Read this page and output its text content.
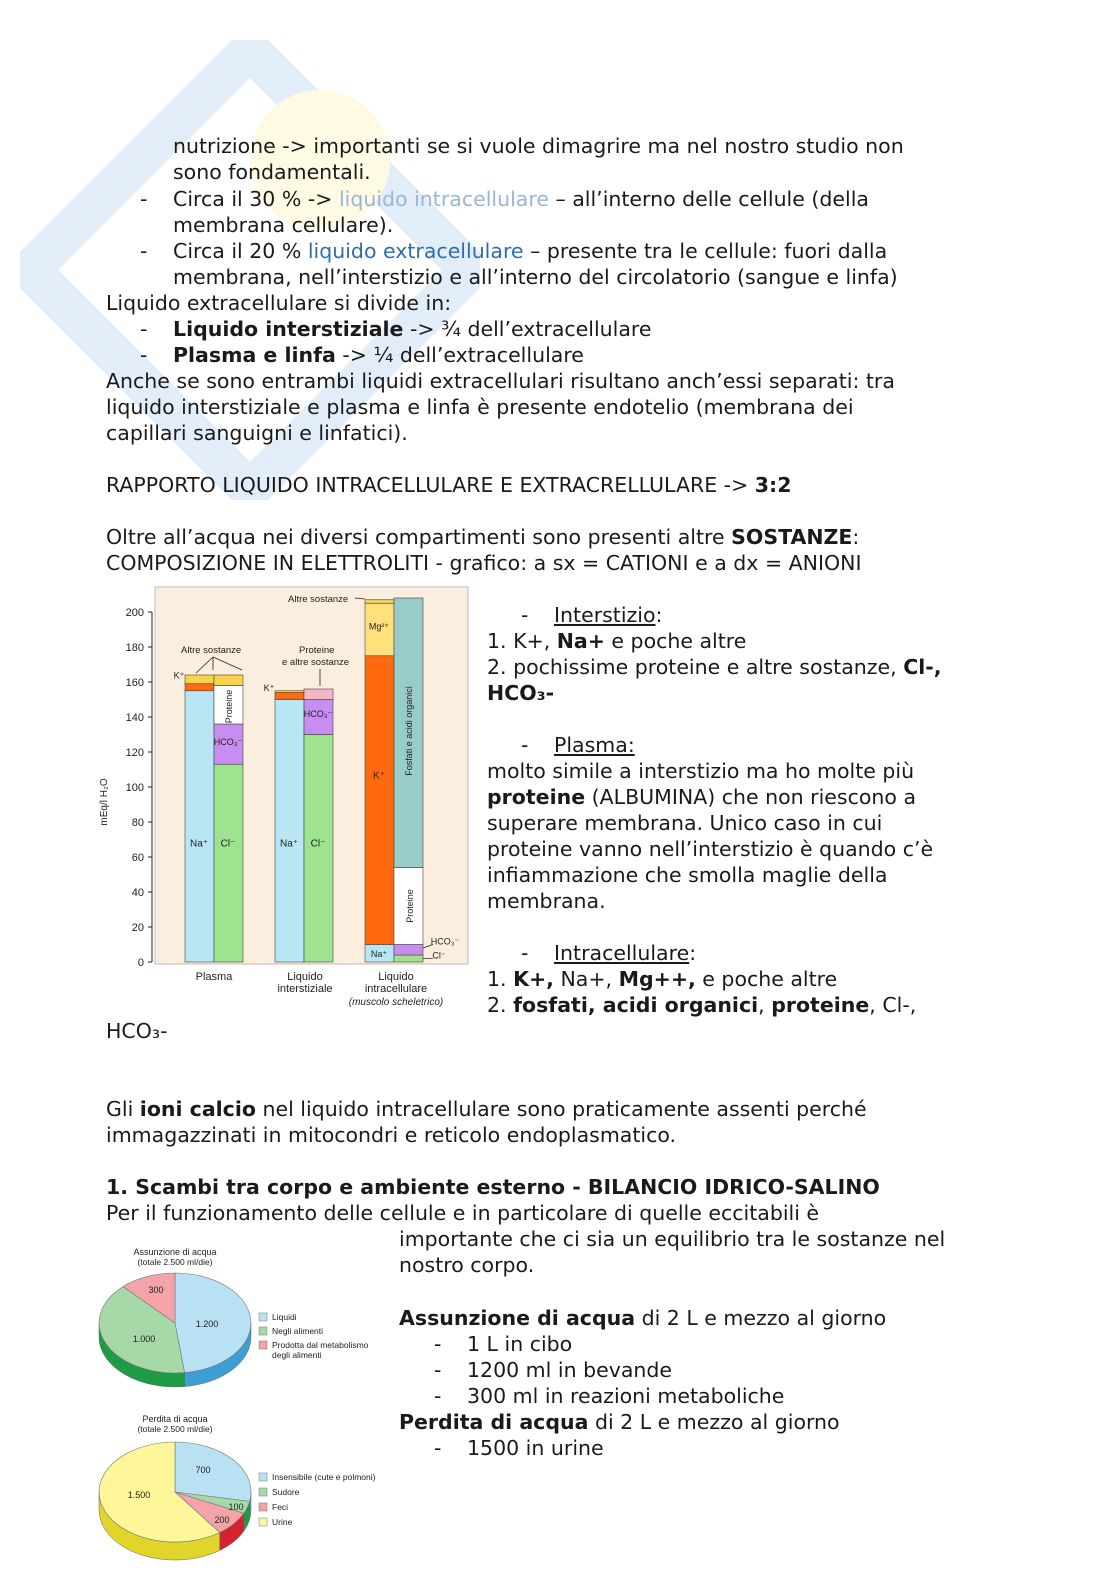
nutrizione -> importanti se si vuole dimagrire ma nel nostro studio non
sono fondamentali.
- Circa il 30 % -> liquido intracellulare – all’interno delle cellule (della
membrana cellulare).
- Circa il 20 % liquido extracellulare – presente tra le cellule: fuori dalla
membrana, nell’interstizio e all’interno del circolatorio (sangue e linfa)
Liquido extracellulare si divide in:
- Liquido interstiziale -> ¾ dell’extracellulare
- Plasma e linfa -> ¼ dell’extracellulare
Anche se sono entrambi liquidi extracellulari risultano anch’essi separati: tra
liquido interstiziale e plasma e linfa è presente endotelio (membrana dei
capillari sanguigni e linfatici).
RAPPORTO LIQUIDO INTRACELLULARE E EXTRACRELLULARE -> 3:2
Oltre all’acqua nei diversi compartimenti sono presenti altre SOSTANZE:
COMPOSIZIONE IN ELETTROLITI - grafico: a sx = CATIONI e a dx = ANIONI
0
20
40
60
80
100
120
140
160
180
200
Na⁺ Cl⁻	Na⁺ Cl⁻
HCO₃⁻
HCO₃⁻
K⁺
Na⁺
Mg²⁺
K⁺
K⁺
Proteine
Proteine
Fosfati e acidi organici
HCO₃⁻
Cl⁻
mEq/l H₂O
Altre sostanze	Proteine
e altre sostanze
Altre sostanze
Plasma	Liquido
interstiziale
Liquido
intracellulare
(muscolo scheletrico)
- Interstizio:
1. K+, Na+ e poche altre
2. pochissime proteine e altre sostanze, Cl-,
HCO₃-
- Plasma:
molto simile a interstizio ma ho molte più
proteine (ALBUMINA) che non riescono a
superare membrana. Unico caso in cui
proteine vanno nell’interstizio è quando c’è
infiammazione che smolla maglie della
membrana.
- Intracellulare:
1. K+, Na+, Mg++, e poche altre
2. fosfati, acidi organici, proteine, Cl-,
HCO₃-
Gli ioni calcio nel liquido intracellulare sono praticamente assenti perché
immagazzinati in mitocondri e reticolo endoplasmatico.
1. Scambi tra corpo e ambiente esterno - BILANCIO IDRICO-SALINO
Per il funzionamento delle cellule e in particolare di quelle eccitabili è
importante che ci sia un equilibrio tra le sostanze nel
nostro corpo.
Assunzione di acqua di 2 L e mezzo al giorno
- 1 L in cibo
- 1200 ml in bevande
- 300 ml in reazioni metaboliche
Perdita di acqua di 2 L e mezzo al giorno
- 1500 in urine
Assunzione di acqua
(totale 2.500 ml/die)
1.200
1.000
300
Liquidi
Negli alimenti
Prodotta dal metabolismo
degli alimenti
Perdita di acqua
(totale 2.500 ml/die)
700
100
200
1.500
Insensibile (cute e polmoni)
Sudore
Feci
Urine
